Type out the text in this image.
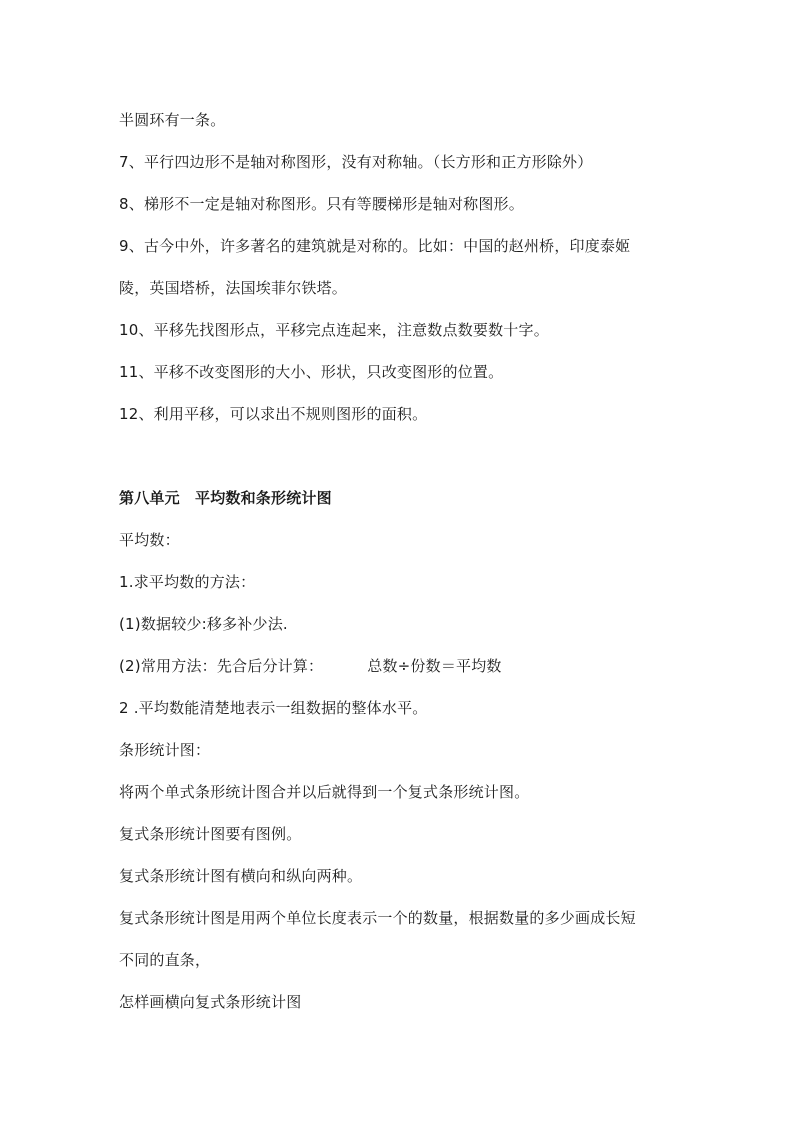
半圆环有一条。
7、平行四边形不是轴对称图形，没有对称轴。（长方形和正方形除外）
8、梯形不一定是轴对称图形。只有等腰梯形是轴对称图形。
9、古今中外，许多著名的建筑就是对称的。比如：中国的赵州桥，印度泰姬
陵，英国塔桥，法国埃菲尔铁塔。
10、平移先找图形点，平移完点连起来，注意数点数要数十字。
11、平移不改变图形的大小、形状，只改变图形的位置。
12、利用平移，可以求出不规则图形的面积。
第八单元　平均数和条形统计图
平均数：
1.求平均数的方法：
(1)数据较少:移多补少法.
(2)常用方法：先合后分计算：	总数÷份数＝平均数
2 .平均数能清楚地表示一组数据的整体水平。
条形统计图：
将两个单式条形统计图合并以后就得到一个复式条形统计图。
复式条形统计图要有图例。
复式条形统计图有横向和纵向两种。
复式条形统计图是用两个单位长度表示一个的数量，根据数量的多少画成长短
不同的直条，
怎样画横向复式条形统计图
